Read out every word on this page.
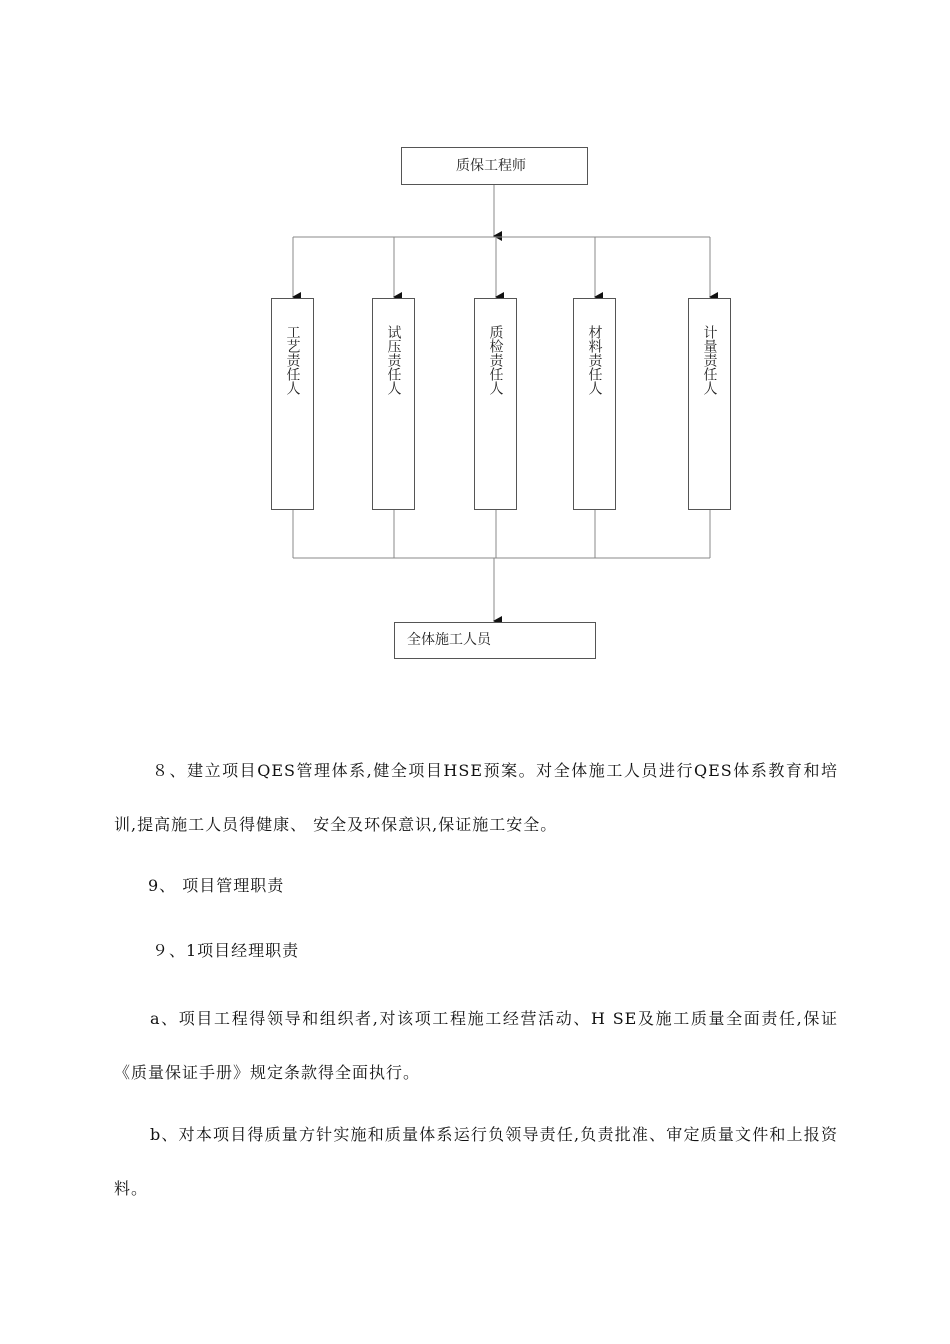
质保工程师
工艺责任人	试压责任人	质检责任人	材料责任人	计量责任人
全体施工人员

８、建立项目QES管理体系,健全项目HSE预案。对全体施工人员进行QES体系教育和培训,提高施工人员得健康、 安全及环保意识,保证施工安全。

9、 项目管理职责

９、1项目经理职责

a、项目工程得领导和组织者,对该项工程施工经营活动、H SE及施工质量全面责任,保证《质量保证手册》规定条款得全面执行。

b、对本项目得质量方针实施和质量体系运行负领导责任,负责批准、审定质量文件和上报资料。
